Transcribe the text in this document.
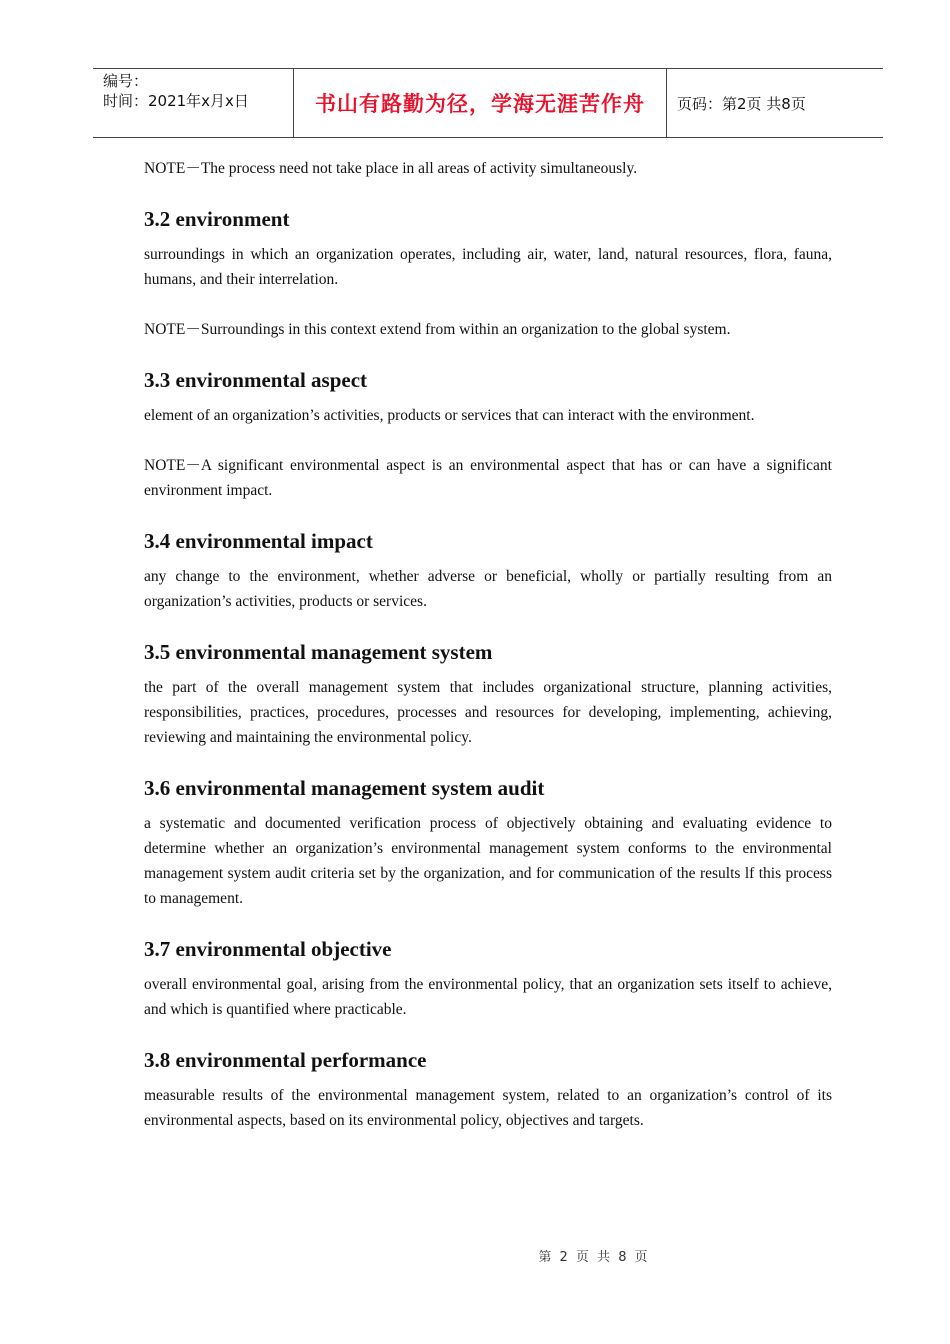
编号：
时间：2021年x月x日	书山有路勤为径，学海无涯苦作舟	页码：第2页 共8页

NOTE－The process need not take place in all areas of activity simultaneously.

3.2 environment

surroundings in which an organization operates, including air, water, land, natural resources, flora, fauna, humans, and their interrelation.

NOTE－Surroundings in this context extend from within an organization to the global system.

3.3 environmental aspect

element of an organization’s activities, products or services that can interact with the environment.

NOTE－A significant environmental aspect is an environmental aspect that has or can have a significant environment impact.

3.4 environmental impact

any change to the environment, whether adverse or beneficial, wholly or partially resulting from an organization’s activities, products or services.

3.5 environmental management system

the part of the overall management system that includes organizational structure, planning activities, responsibilities, practices, procedures, processes and resources for developing, implementing, achieving, reviewing and maintaining the environmental policy.

3.6 environmental management system audit

a systematic and documented verification process of objectively obtaining and evaluating evidence to determine whether an organization’s environmental management system conforms to the environmental management system audit criteria set by the organization, and for communication of the results lf this process to management.

3.7 environmental objective

overall environmental goal, arising from the environmental policy, that an organization sets itself to achieve, and which is quantified where practicable.

3.8 environmental performance

measurable results of the environmental management system, related to an organization’s control of its environmental aspects, based on its environmental policy, objectives and targets.

第 2 页 共 8 页
